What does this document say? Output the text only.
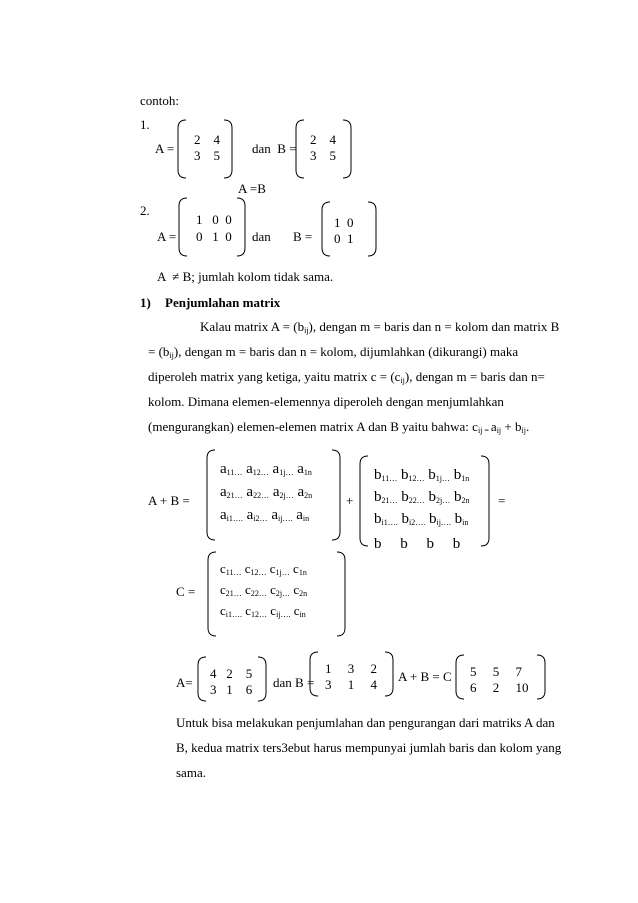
contoh:
1.
A =
2    4
3    5 dan  B =
2    4
3    5
A =B
2.
A =
1   0  0
0   1  0 dan B =
1  0
0  1
A ≠ B; jumlah kolom tidak sama.
1) Penjumlahan matrix
Kalau matrix $A = (b_{ij})$, dengan m = baris dan n = kolom dan matrix B
= $(b_{ij})$, dengan m = baris dan n = kolom, dijumlahkan (dikurangi) maka
diperoleh matrix yang ketiga, yaitu matrix $c = (c_{ij})$, dengan m = baris dan n=
kolom. Dimana elemen-elemennya diperoleh dengan menjumlahkan
(mengurangkan) elemen-elemen matrix A dan B yaitu bahwa: $c_{ij =}$ $a_{ij} + b_{ij}$.
A + B =
$a_{11\dots}$ $a_{12\dots}$ $a_{1j\dots}$ $a_{1n}$
$a_{21\dots}$ $a_{22\dots}$ $a_{2j\dots}$ $a_{2n}$
$a_{i1\dots.}$ $a_{i2\dots}$ $a_{ij\dots.}$ $a_{in}$
+
$b_{11\dots}$ $b_{12\dots}$ $b_{1j\dots}$ $b_{1n}$
$b_{21\dots}$ $b_{22\dots}$ $b_{2j\dots}$ $b_{2n}$
$b_{i1\dots.}$ $b_{i2\dots.}$ $b_{ij\dots.}$ $b_{in}$
b     b     b     b
=
C =
$c_{11\dots}$ $c_{12\dots}$ $c_{1j\dots}$ $c_{1n}$
$c_{21\dots}$ $c_{22\dots}$ $c_{2j\dots}$ $c_{2n}$
$c_{i1\dots.}$ $c_{12\dots}$ $c_{ij\dots.}$ $c_{in}$
A=
4   2    5
3   1    6 dan B =
1     3     2
3     1     4
A + B = C 5     5     7
6     2     10
Untuk bisa melakukan penjumlahan dan pengurangan dari matriks A dan
B, kedua matrix ters3ebut harus mempunyai jumlah baris dan kolom yang
sama.
